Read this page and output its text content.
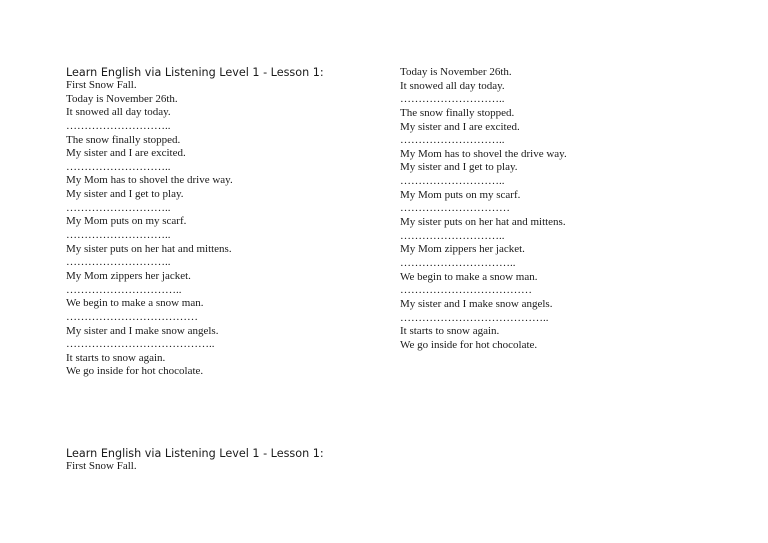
Learn English via Listening Level 1 - Lesson 1:
First Snow Fall.
Today is November 26th.
It snowed all day today.
………………………..
The snow finally stopped.
My sister and I are excited.
………………………..
My Mom has to shovel the drive way.
My sister and I get to play.
………………………..
My Mom puts on my scarf.
………………………..
My sister puts on her hat and mittens.
………………………..
My Mom zippers her jacket.
…………………………..
We begin to make a snow man.
………………………………
My sister and I make snow angels.
…………………………………..
It starts to snow again.
We go inside for hot chocolate.
Today is November 26th.
It snowed all day today.
………………………..
The snow finally stopped.
My sister and I are excited.
………………………..
My Mom has to shovel the drive way.
My sister and I get to play.
………………………..
My Mom puts on my scarf.
…………………………
My sister puts on her hat and mittens.
………………………..
My Mom zippers her jacket.
…………………………..
We begin to make a snow man.
………………………………
My sister and I make snow angels.
…………………………………..
It starts to snow again.
We go inside for hot chocolate.
Learn English via Listening Level 1 - Lesson 1:
First Snow Fall.
